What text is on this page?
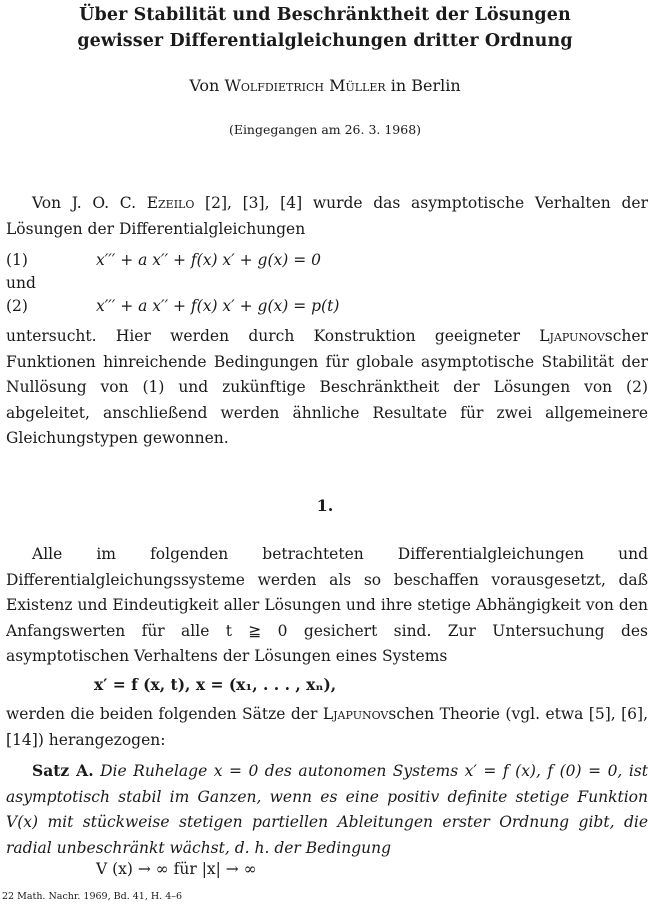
Über Stabilität und Beschränktheit der Lösungen
gewisser Differentialgleichungen dritter Ordnung
Von Wolfdietrich Müller in Berlin
(Eingegangen am 26. 3. 1968)
Von J. O. C. Ezeilo [2], [3], [4] wurde das asymptotische Verhalten der Lösungen der Differentialgleichungen
(1)	x′′′ + a x′′ + f(x) x′ + g(x) = 0
und
(2)	x′′′ + a x′′ + f(x) x′ + g(x) = p(t)
untersucht. Hier werden durch Konstruktion geeigneter Ljapunovscher Funktionen hinreichende Bedingungen für globale asymptotische Stabilität der Nullösung von (1) und zukünftige Beschränktheit der Lösungen von (2) abgeleitet, anschließend werden ähnliche Resultate für zwei allgemeinere Gleichungstypen gewonnen.
1.
Alle im folgenden betrachteten Differentialgleichungen und Differentialgleichungssysteme werden als so beschaffen vorausgesetzt, daß Existenz und Eindeutigkeit aller Lösungen und ihre stetige Abhängigkeit von den Anfangswerten für alle t ≧ 0 gesichert sind. Zur Untersuchung des asymptotischen Verhaltens der Lösungen eines Systems
x′ = f (x, t), x = (x₁, . . . , xₙ),
werden die beiden folgenden Sätze der Ljapunovschen Theorie (vgl. etwa [5], [6], [14]) herangezogen:
Satz A. Die Ruhelage x = 0 des autonomen Systems x′ = f (x), f (0) = 0, ist asymptotisch stabil im Ganzen, wenn es eine positiv definite stetige Funktion V(x) mit stückweise stetigen partiellen Ableitungen erster Ordnung gibt, die radial unbeschränkt wächst, d. h. der Bedingung
V (x) → ∞ für |x| → ∞
22 Math. Nachr. 1969, Bd. 41, H. 4–6
